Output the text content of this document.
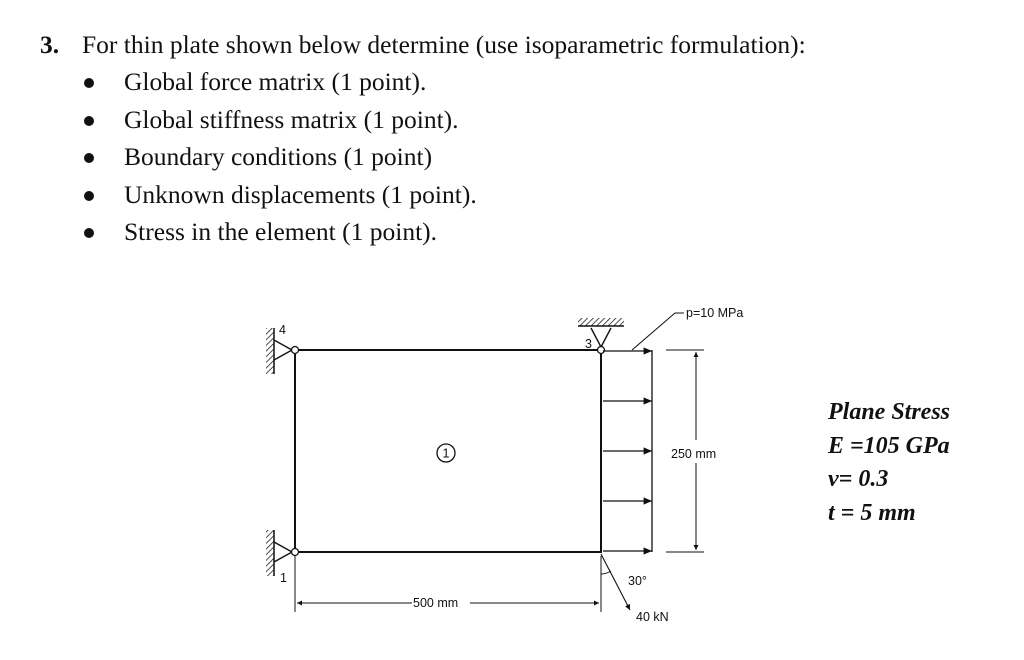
3. For thin plate shown below determine (use isoparametric formulation):
Global force matrix (1 point).
Global stiffness matrix (1 point).
Boundary conditions (1 point)
Unknown displacements (1 point).
Stress in the element (1 point).
1
4
1
3
p=10 MPa
250 mm
500 mm
30°
40 kN
Plane Stress
E =105 GPa
ν= 0.3
t = 5 mm
